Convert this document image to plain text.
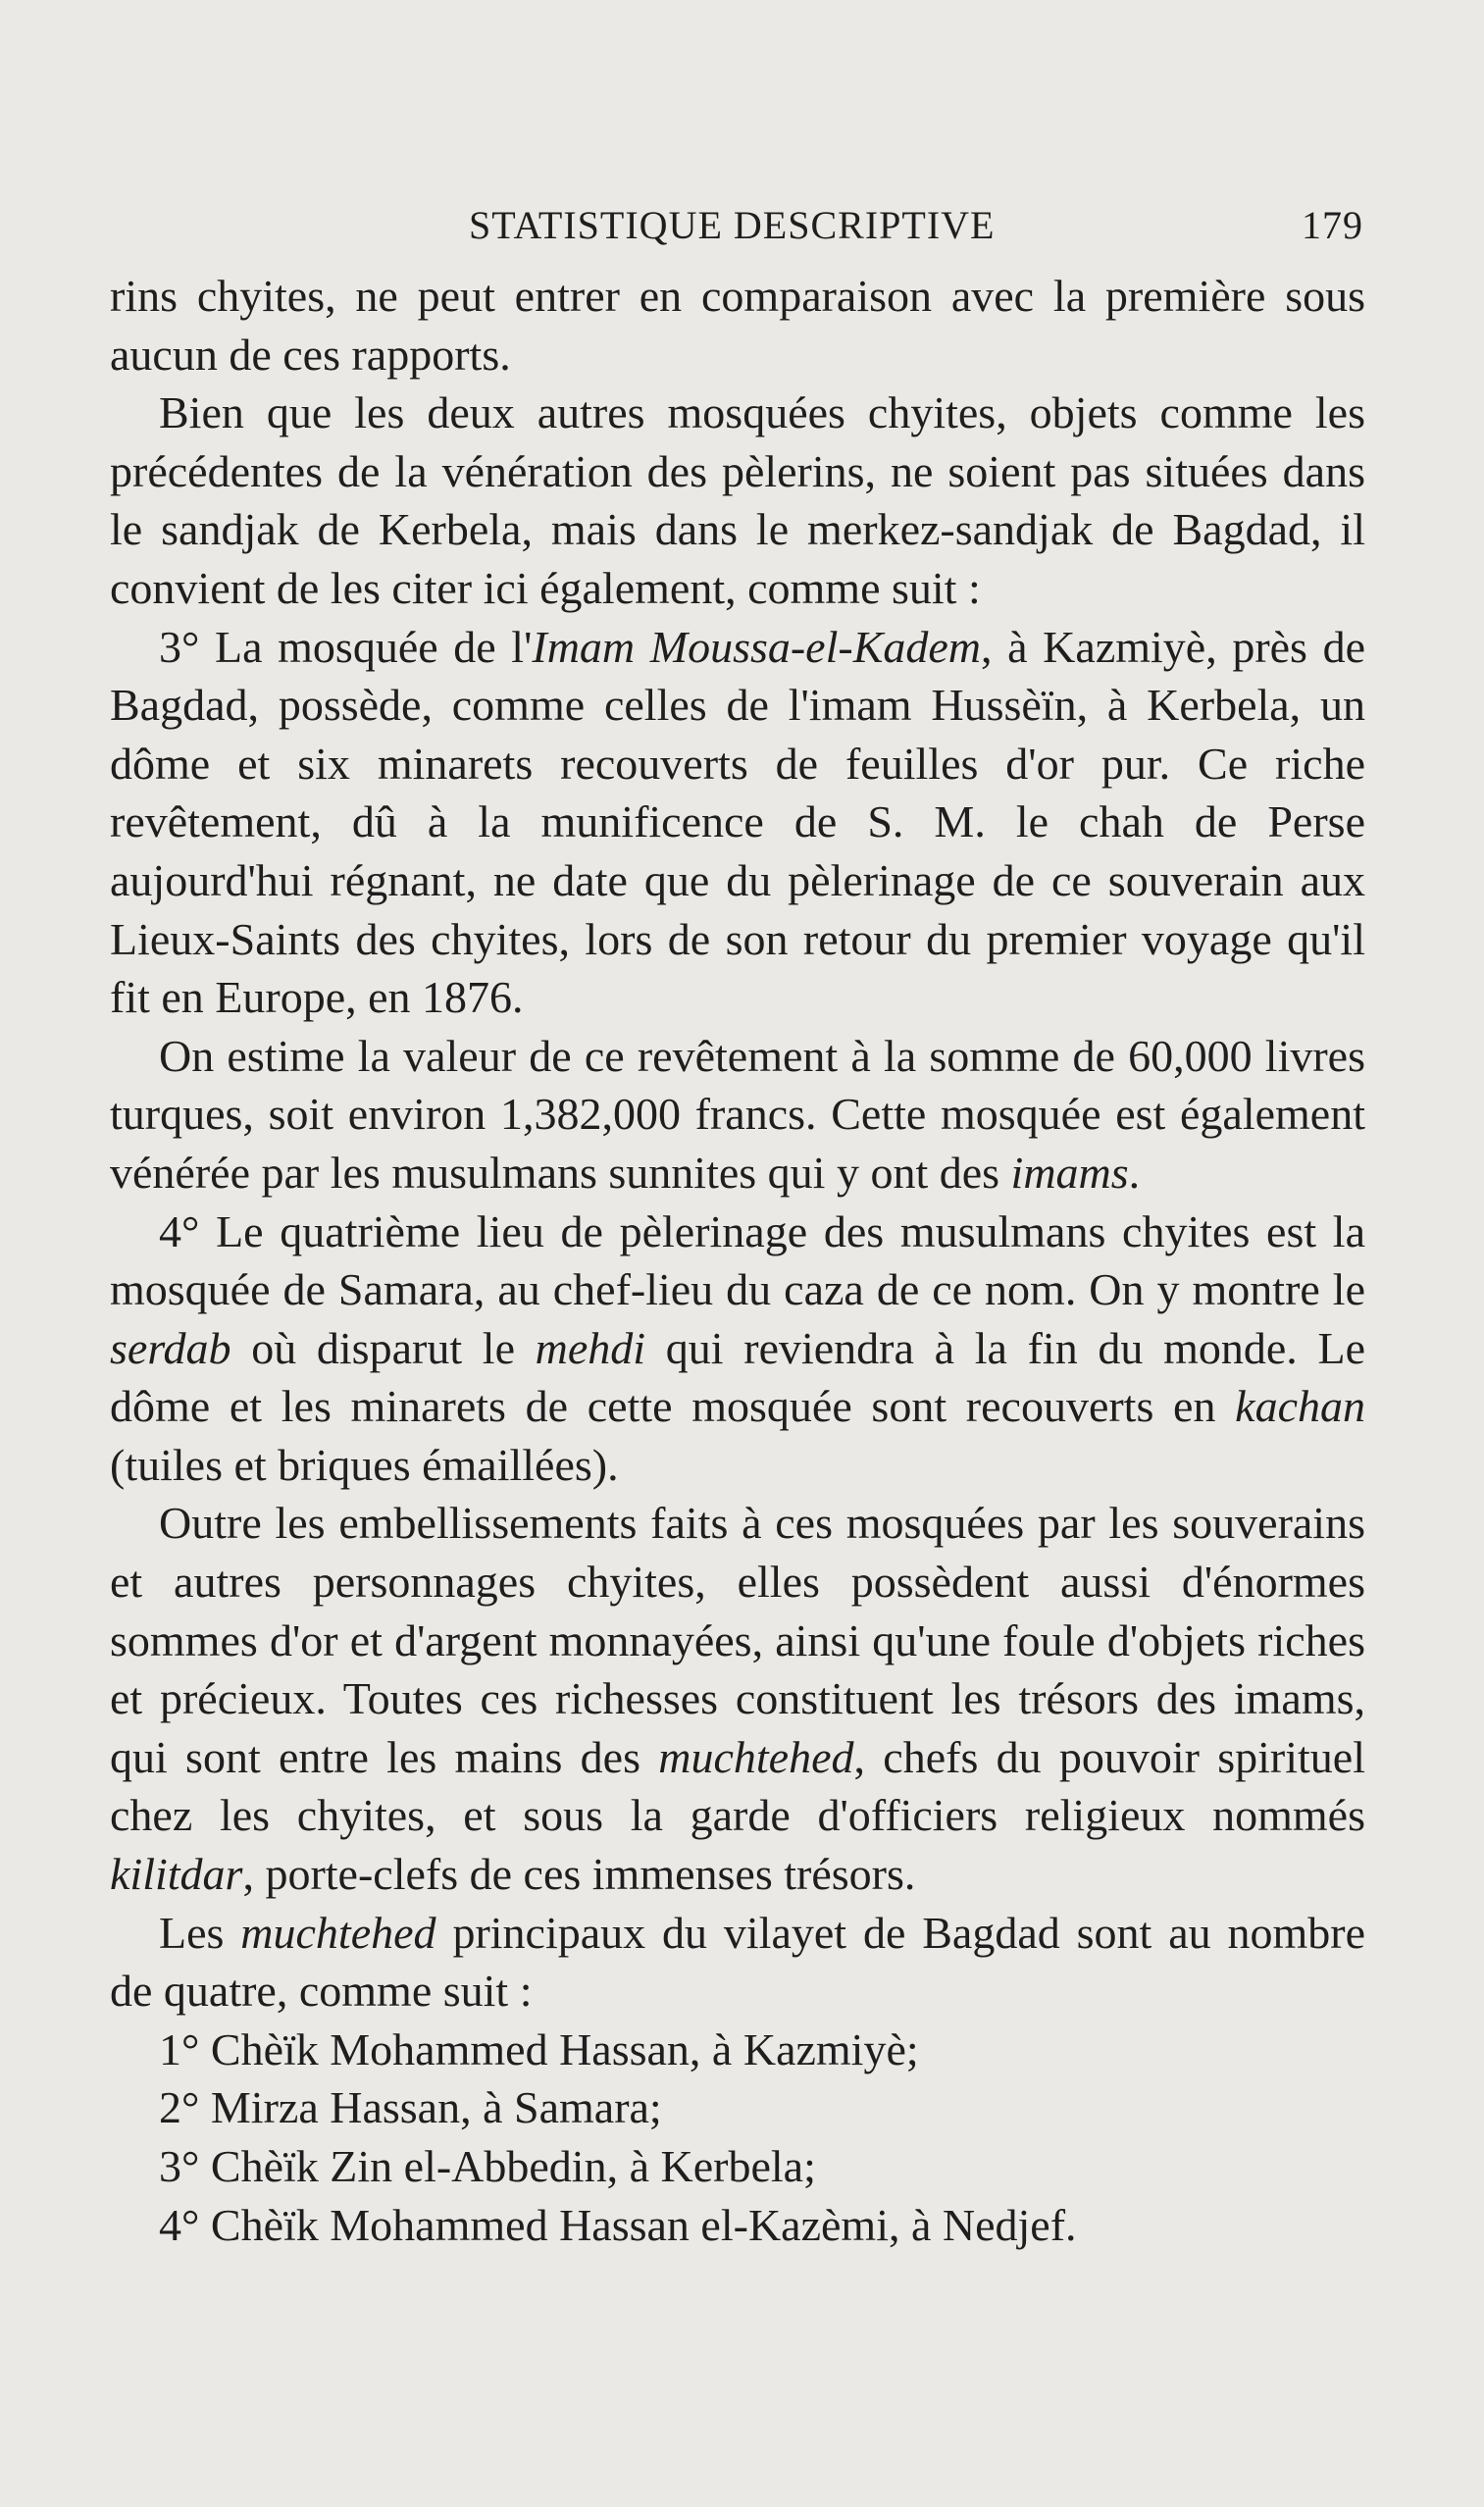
STATISTIQUE DESCRIPTIVE	179

rins chyites, ne peut entrer en comparaison avec la première sous aucun de ces rapports.

Bien que les deux autres mosquées chyites, objets comme les précédentes de la vénération des pèlerins, ne soient pas situées dans le sandjak de Kerbela, mais dans le merkez-sandjak de Bagdad, il convient de les citer ici également, comme suit :

3° La mosquée de l'Imam Moussa-el-Kadem, à Kazmiyè, près de Bagdad, possède, comme celles de l'imam Hussèïn, à Kerbela, un dôme et six minarets recouverts de feuilles d'or pur. Ce riche revêtement, dû à la munificence de S. M. le chah de Perse aujourd'hui régnant, ne date que du pèlerinage de ce souverain aux Lieux-Saints des chyites, lors de son retour du premier voyage qu'il fit en Europe, en 1876.

On estime la valeur de ce revêtement à la somme de 60,000 livres turques, soit environ 1,382,000 francs. Cette mosquée est également vénérée par les musulmans sunnites qui y ont des imams.

4° Le quatrième lieu de pèlerinage des musulmans chyites est la mosquée de Samara, au chef-lieu du caza de ce nom. On y montre le serdab où disparut le mehdi qui reviendra à la fin du monde. Le dôme et les minarets de cette mosquée sont recouverts en kachan (tuiles et briques émaillées).

Outre les embellissements faits à ces mosquées par les souverains et autres personnages chyites, elles possèdent aussi d'énormes sommes d'or et d'argent monnayées, ainsi qu'une foule d'objets riches et précieux. Toutes ces richesses constituent les trésors des imams, qui sont entre les mains des muchtehed, chefs du pouvoir spirituel chez les chyites, et sous la garde d'officiers religieux nommés kilitdar, porte-clefs de ces immenses trésors.

Les muchtehed principaux du vilayet de Bagdad sont au nombre de quatre, comme suit :

1° Chèïk Mohammed Hassan, à Kazmiyè;

2° Mirza Hassan, à Samara;

3° Chèïk Zin el-Abbedin, à Kerbela;

4° Chèïk Mohammed Hassan el-Kazèmi, à Nedjef.
